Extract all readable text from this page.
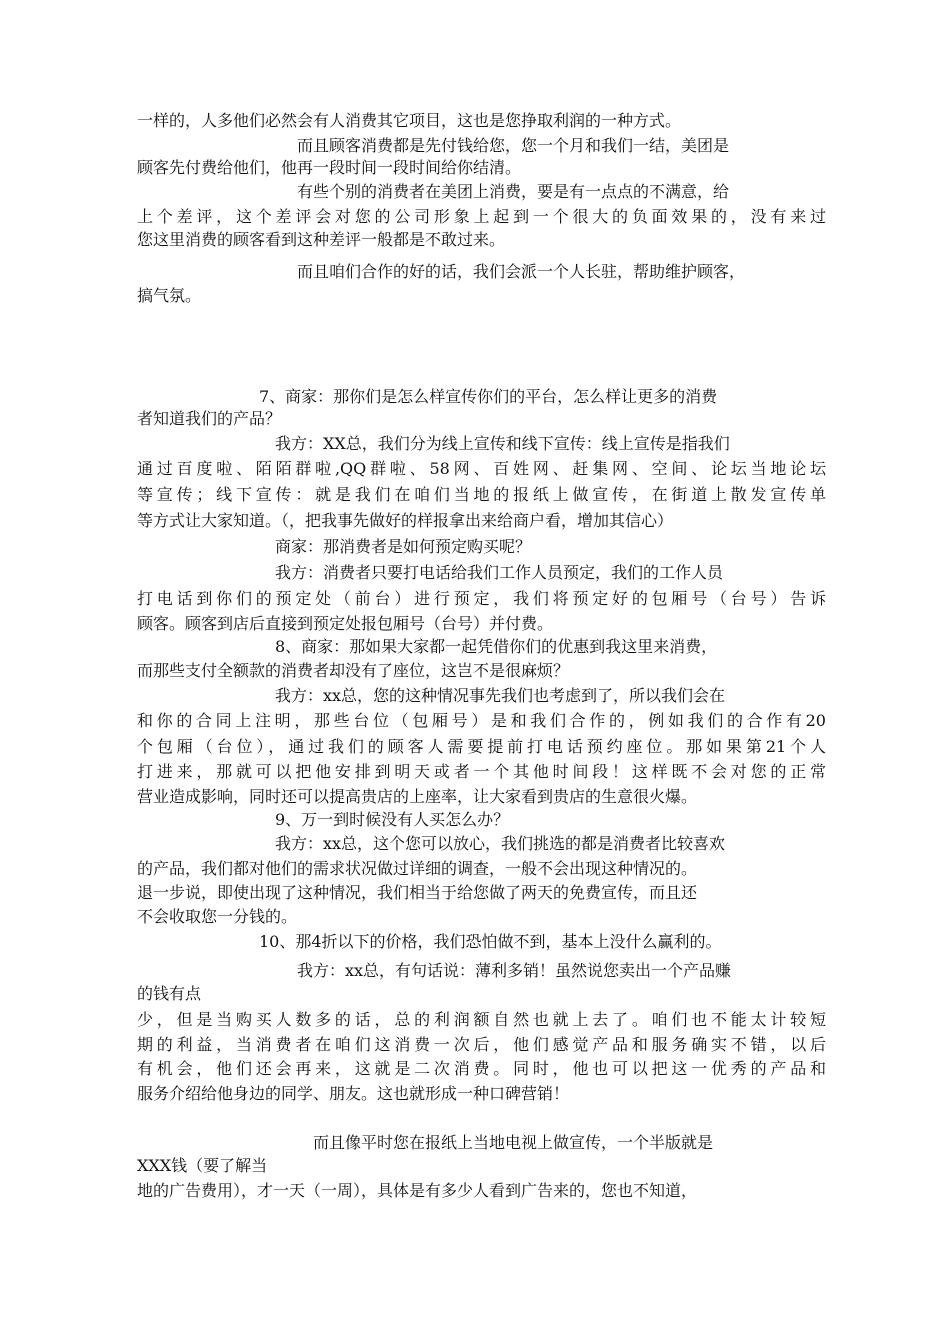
一样的，人多他们必然会有人消费其它项目，这也是您挣取利润的一种方式。

而且顾客消费都是先付钱给您，您一个月和我们一结，美团是

顾客先付费给他们，他再一段时间一段时间给你结清。

有些个别的消费者在美团上消费，要是有一点点的不满意，给

上个差评，这个差评会对您的公司形象上起到一个很大的负面效果的，没有来过

您这里消费的顾客看到这种差评一般都是不敢过来。

而且咱们合作的好的话，我们会派一个人长驻，帮助维护顾客，

搞气氛。

7、商家：那你们是怎么样宣传你们的平台，怎么样让更多的消费

者知道我们的产品？

我方：XX总，我们分为线上宣传和线下宣传：线上宣传是指我们

通过百度啦、陌陌群啦,QQ群啦、58网、百姓网、赶集网、空间、论坛当地论坛

等宣传；线下宣传：就是我们在咱们当地的报纸上做宣传，在街道上散发宣传单

等方式让大家知道。（，把我事先做好的样报拿出来给商户看，增加其信心）

商家：那消费者是如何预定购买呢？

我方：消费者只要打电话给我们工作人员预定，我们的工作人员

打电话到你们的预定处（前台）进行预定，我们将预定好的包厢号（台号）告诉

顾客。顾客到店后直接到预定处报包厢号（台号）并付费。

8、商家：那如果大家都一起凭借你们的优惠到我这里来消费，

而那些支付全额款的消费者却没有了座位，这岂不是很麻烦？

我方：xx总，您的这种情况事先我们也考虑到了，所以我们会在

和你的合同上注明，那些台位（包厢号）是和我们合作的，例如我们的合作有20

个包厢（台位），通过我们的顾客人需要提前打电话预约座位。那如果第21个人

打进来，那就可以把他安排到明天或者一个其他时间段！这样既不会对您的正常

营业造成影响，同时还可以提高贵店的上座率，让大家看到贵店的生意很火爆。

9、万一到时候没有人买怎么办？

我方：xx总，这个您可以放心，我们挑选的都是消费者比较喜欢

的产品，我们都对他们的需求状况做过详细的调查，一般不会出现这种情况的。

退一步说，即使出现了这种情况，我们相当于给您做了两天的免费宣传，而且还

不会收取您一分钱的。

10、那4折以下的价格，我们恐怕做不到，基本上没什么赢利的。

我方：xx总，有句话说：薄利多销！虽然说您卖出一个产品赚

的钱有点

少，但是当购买人数多的话，总的利润额自然也就上去了。咱们也不能太计较短

期的利益，当消费者在咱们这消费一次后，他们感觉产品和服务确实不错，以后

有机会，他们还会再来，这就是二次消费。同时，他也可以把这一优秀的产品和

服务介绍给他身边的同学、朋友。这也就形成一种口碑营销！

而且像平时您在报纸上当地电视上做宣传，一个半版就是

XXX钱（要了解当

地的广告费用），才一天（一周），具体是有多少人看到广告来的，您也不知道，
